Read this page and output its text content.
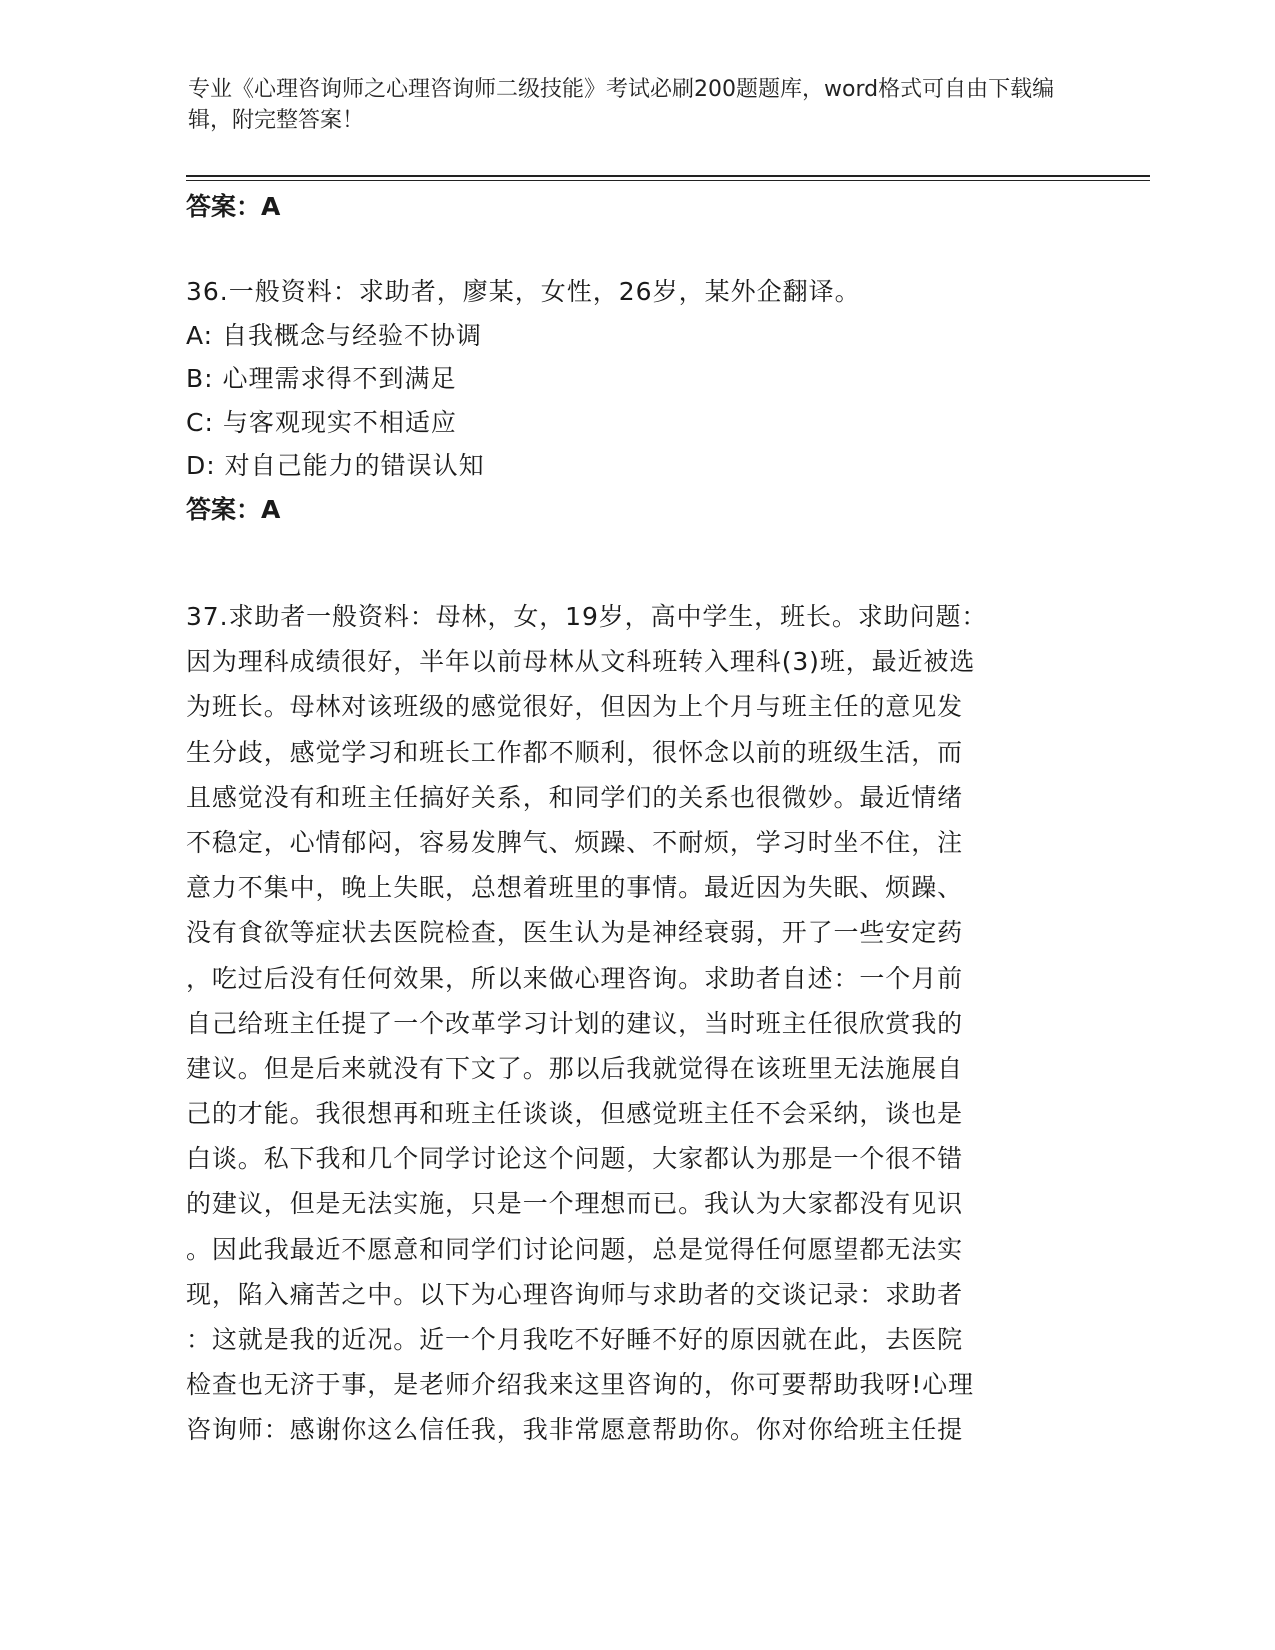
专业《心理咨询师之心理咨询师二级技能》考试必刷200题题库，word格式可自由下载编辑，附完整答案！
答案：A
36.一般资料：求助者，廖某，女性，26岁，某外企翻译。
A: 自我概念与经验不协调
B: 心理需求得不到满足
C: 与客观现实不相适应
D: 对自己能力的错误认知
答案：A
37.求助者一般资料：母林，女，19岁，高中学生，班长。求助问题：
因为理科成绩很好，半年以前母林从文科班转入理科(3)班，最近被选
为班长。母林对该班级的感觉很好，但因为上个月与班主任的意见发
生分歧，感觉学习和班长工作都不顺利，很怀念以前的班级生活，而
且感觉没有和班主任搞好关系，和同学们的关系也很微妙。最近情绪
不稳定，心情郁闷，容易发脾气、烦躁、不耐烦，学习时坐不住，注
意力不集中，晚上失眠，总想着班里的事情。最近因为失眠、烦躁、
没有食欲等症状去医院检查，医生认为是神经衰弱，开了一些安定药
，吃过后没有任何效果，所以来做心理咨询。求助者自述：一个月前
自己给班主任提了一个改革学习计划的建议，当时班主任很欣赏我的
建议。但是后来就没有下文了。那以后我就觉得在该班里无法施展自
己的才能。我很想再和班主任谈谈，但感觉班主任不会采纳，谈也是
白谈。私下我和几个同学讨论这个问题，大家都认为那是一个很不错
的建议，但是无法实施，只是一个理想而已。我认为大家都没有见识
。因此我最近不愿意和同学们讨论问题，总是觉得任何愿望都无法实
现，陷入痛苦之中。以下为心理咨询师与求助者的交谈记录：求助者
：这就是我的近况。近一个月我吃不好睡不好的原因就在此，去医院
检查也无济于事，是老师介绍我来这里咨询的，你可要帮助我呀!心理
咨询师：感谢你这么信任我，我非常愿意帮助你。你对你给班主任提
